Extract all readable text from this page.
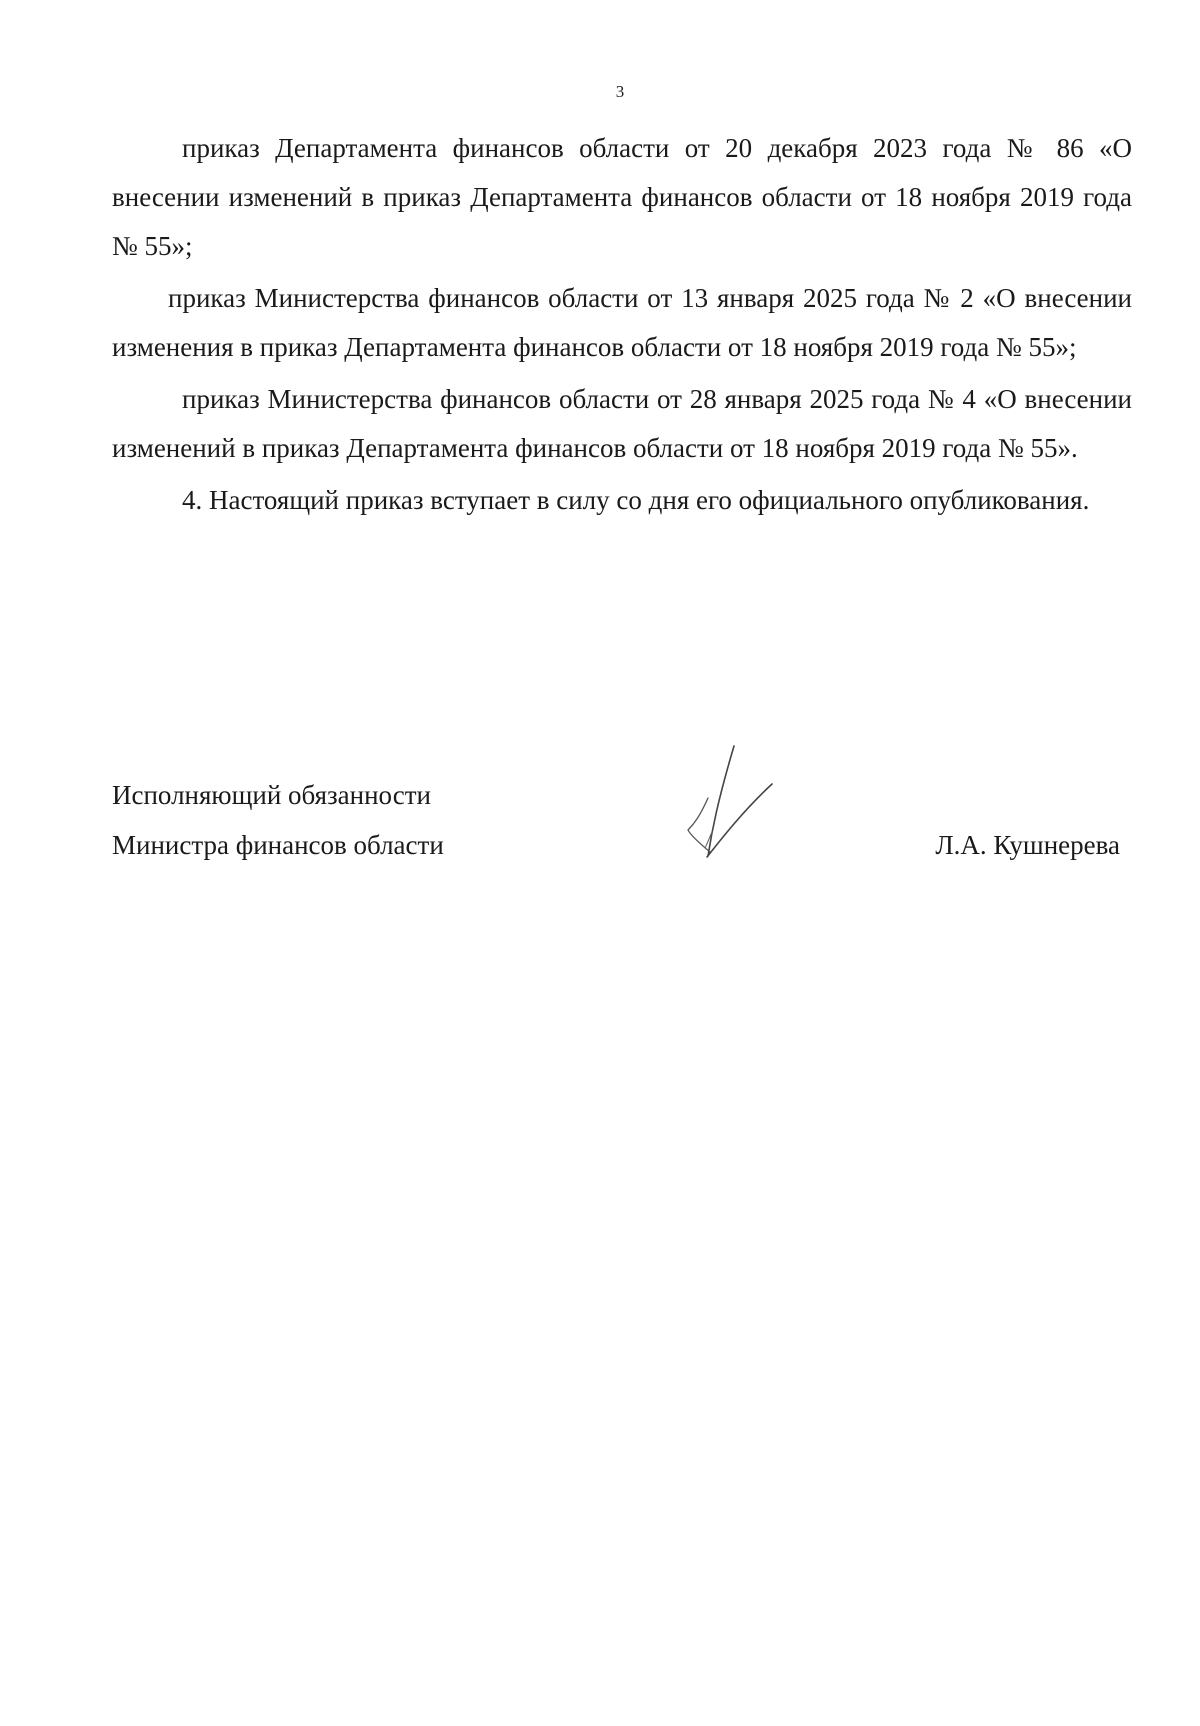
3

приказ Департамента финансов области от 20 декабря 2023 года № 86 «О внесении изменений в приказ Департамента финансов области от 18 ноября 2019 года № 55»;

приказ Министерства финансов области от 13 января 2025 года № 2 «О внесении изменения в приказ Департамента финансов области от 18 ноября 2019 года № 55»;

приказ Министерства финансов области от 28 января 2025 года № 4 «О внесении изменений в приказ Департамента финансов области от 18 ноября 2019 года № 55».

4. Настоящий приказ вступает в силу со дня его официального опубликования.

Исполняющий обязанности
Министра финансов области	Л.А. Кушнерева
